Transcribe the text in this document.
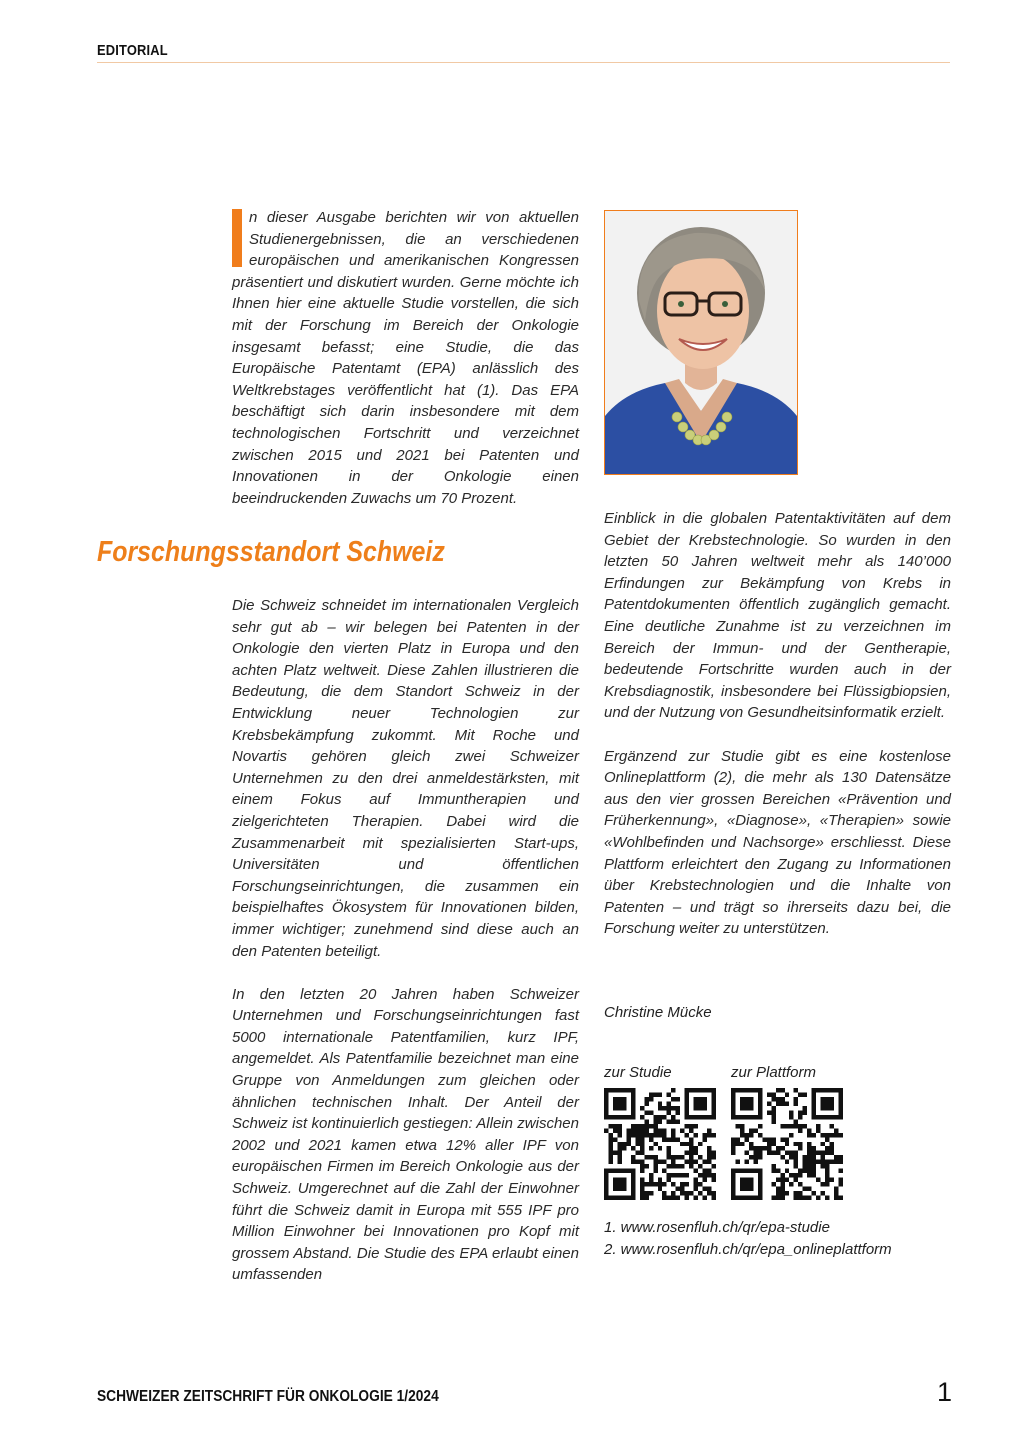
EDITORIAL

n dieser Ausgabe berichten wir von aktuellen Studienergebnissen, die an verschiedenen europäischen und amerikanischen Kongressen präsentiert und diskutiert wurden. Gerne möchte ich Ihnen hier eine aktuelle Studie vorstellen, die sich mit der Forschung im Bereich der Onkologie insgesamt befasst; eine Studie, die das Europäische Patentamt (EPA) anlässlich des Weltkrebstages veröffentlicht hat (1). Das EPA beschäftigt sich darin insbesondere mit dem technologischen Fortschritt und verzeichnet zwischen 2015 und 2021 bei Patenten und Innovationen in der Onkologie einen beeindruckenden Zuwachs um 70 Prozent.

Forschungsstandort Schweiz

Die Schweiz schneidet im internationalen Vergleich sehr gut ab – wir belegen bei Patenten in der Onkologie den vierten Platz in Europa und den achten Platz weltweit. Diese Zahlen illustrieren die Bedeutung, die dem Standort Schweiz in der Entwicklung neuer Technologien zur Krebsbekämpfung zukommt. Mit Roche und Novartis gehören gleich zwei Schweizer Unternehmen zu den drei anmeldestärksten, mit einem Fokus auf Immuntherapien und zielgerichteten Therapien. Dabei wird die Zusammenarbeit mit spezialisierten Start-ups, Universitäten und öffentlichen Forschungseinrichtungen, die zusammen ein beispielhaftes Ökosystem für Innovationen bilden, immer wichtiger; zunehmend sind diese auch an den Patenten beteiligt.

In den letzten 20 Jahren haben Schweizer Unternehmen und Forschungseinrichtungen fast 5000 internationale Patentfamilien, kurz IPF, angemeldet. Als Patentfamilie bezeichnet man eine Gruppe von Anmeldungen zum gleichen oder ähnlichen technischen Inhalt. Der Anteil der Schweiz ist kontinuierlich gestiegen: Allein zwischen 2002 und 2021 kamen etwa 12% aller IPF von europäischen Firmen im Bereich Onkologie aus der Schweiz. Umgerechnet auf die Zahl der Einwohner führt die Schweiz damit in Europa mit 555 IPF pro Million Einwohner bei Innovationen pro Kopf mit grossem Abstand. Die Studie des EPA erlaubt einen umfassenden

Einblick in die globalen Patentaktivitäten auf dem Gebiet der Krebstechnologie. So wurden in den letzten 50 Jahren weltweit mehr als 140’000 Erfindungen zur Bekämpfung von Krebs in Patentdokumenten öffentlich zugänglich gemacht. Eine deutliche Zunahme ist zu verzeichnen im Bereich der Immun- und der Gentherapie, bedeutende Fortschritte wurden auch in der Krebsdiagnostik, insbesondere bei Flüssigbiopsien, und der Nutzung von Gesundheitsinformatik erzielt.

Ergänzend zur Studie gibt es eine kostenlose Onlineplattform (2), die mehr als 130 Datensätze aus den vier grossen Bereichen «Prävention und Früherkennung», «Diagnose», «Therapien» sowie «Wohlbefinden und Nachsorge» erschliesst. Diese Plattform erleichtert den Zugang zu Informationen über Krebstechnologien und die Inhalte von Patenten – und trägt so ihrerseits dazu bei, die Forschung weiter zu unterstützen.

Christine Mücke
zur Studie	zur Plattform
1. www.rosenfluh.ch/qr/epa-studie
2. www.rosenfluh.ch/qr/epa_onlineplattform
SCHWEIZER ZEITSCHRIFT FÜR ONKOLOGIE 1/2024	1
